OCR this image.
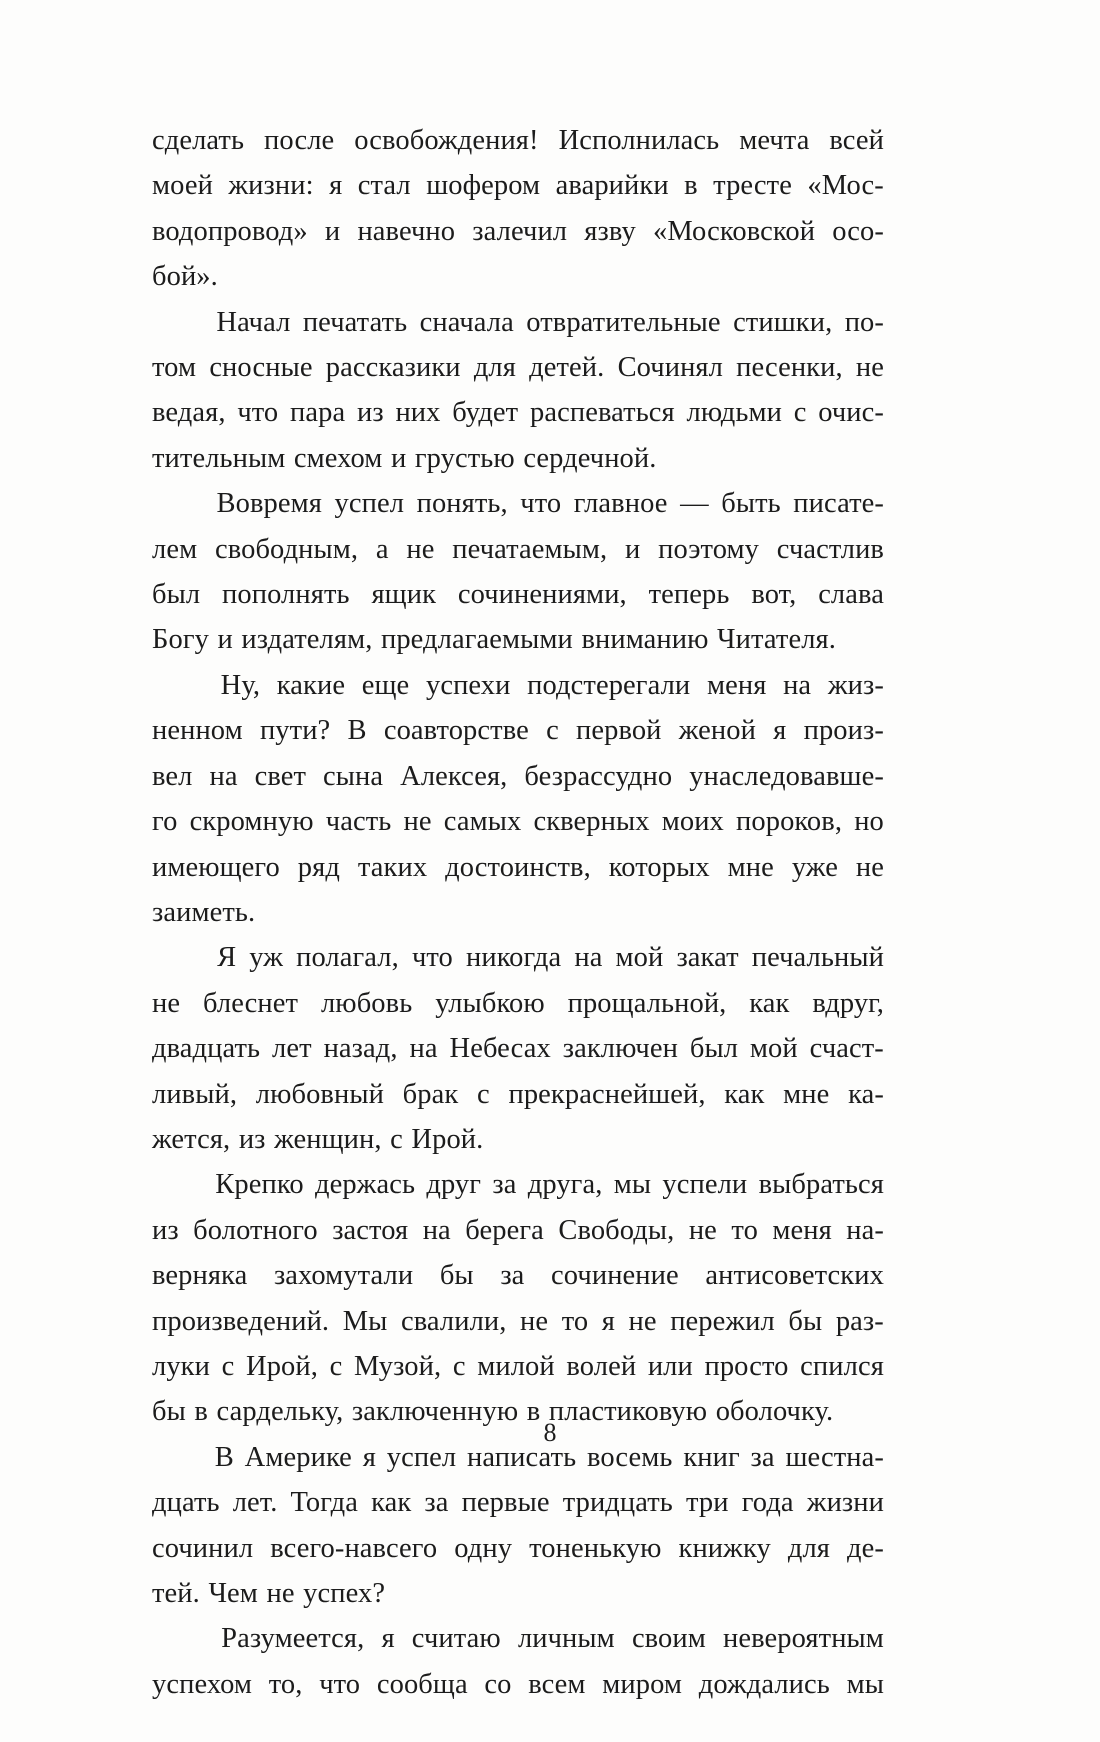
сделать после освобождения! Исполнилась мечта всей
моей жизни: я стал шофером аварийки в тресте «Мос-
водопровод» и навечно залечил язву «Московской осо-
бой».
Начал печатать сначала отвратительные стишки, по-
том сносные рассказики для детей. Сочинял песенки, не
ведая, что пара из них будет распеваться людьми с очис-
тительным смехом и грустью сердечной.
Вовремя успел понять, что главное — быть писате-
лем свободным, а не печатаемым, и поэтому счастлив
был пополнять ящик сочинениями, теперь вот, слава
Богу и издателям, предлагаемыми вниманию Читателя.
Ну, какие еще успехи подстерегали меня на жиз-
ненном пути? В соавторстве с первой женой я произ-
вел на свет сына Алексея, безрассудно унаследовавше-
го скромную часть не самых скверных моих пороков, но
имеющего ряд таких достоинств, которых мне уже не
заиметь.
Я уж полагал, что никогда на мой закат печальный
не блеснет любовь улыбкою прощальной, как вдруг,
двадцать лет назад, на Небесах заключен был мой счаст-
ливый, любовный брак с прекраснейшей, как мне ка-
жется, из женщин, с Ирой.
Крепко держась друг за друга, мы успели выбраться
из болотного застоя на берега Свободы, не то меня на-
верняка захомутали бы за сочинение антисоветских
произведений. Мы свалили, не то я не пережил бы раз-
луки с Ирой, с Музой, с милой волей или просто спился
бы в сардельку, заключенную в пластиковую оболочку.
В Америке я успел написать восемь книг за шестна-
дцать лет. Тогда как за первые тридцать три года жизни
сочинил всего-навсего одну тоненькую книжку для де-
тей. Чем не успех?
Разумеется, я считаю личным своим невероятным
успехом то, что сообща со всем миром дождались мы
8
